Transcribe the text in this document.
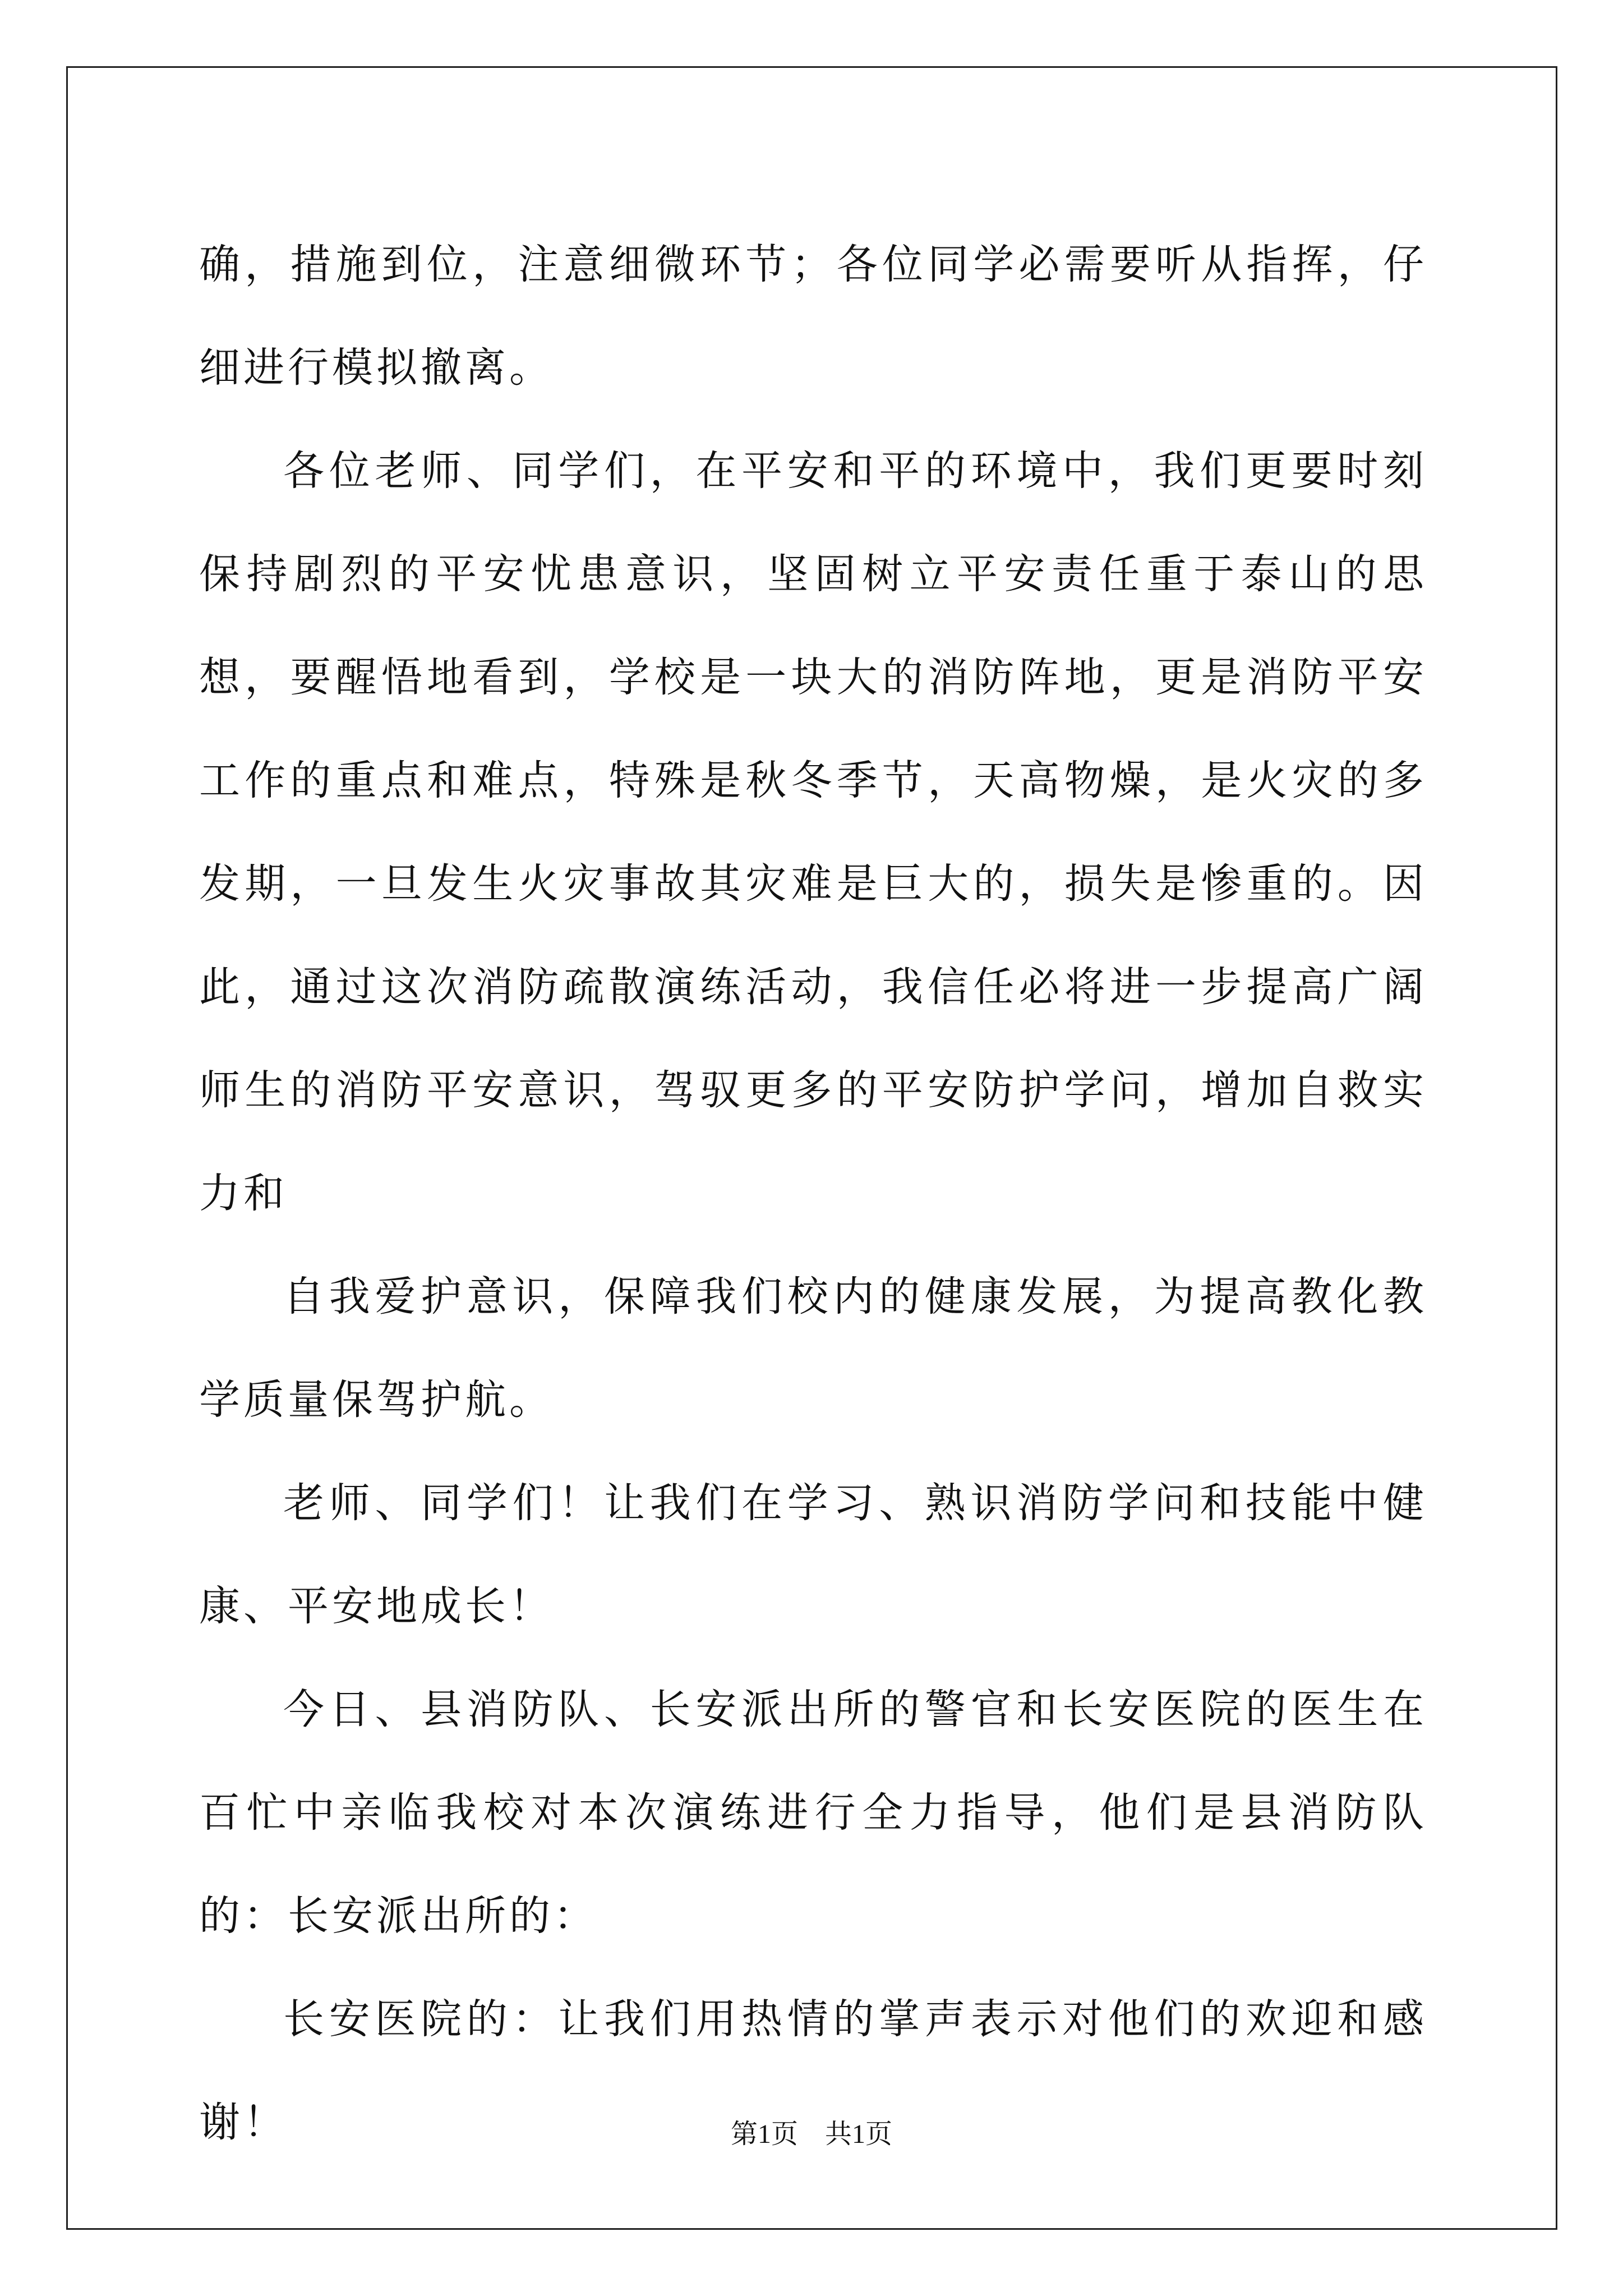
确，措施到位，注意细微环节；各位同学必需要听从指挥，仔细进行模拟撤离。

各位老师、同学们，在平安和平的环境中，我们更要时刻保持剧烈的平安忧患意识，坚固树立平安责任重于泰山的思想，要醒悟地看到，学校是一块大的消防阵地，更是消防平安工作的重点和难点，特殊是秋冬季节，天高物燥，是火灾的多发期，一旦发生火灾事故其灾难是巨大的，损失是惨重的。因此，通过这次消防疏散演练活动，我信任必将进一步提高广阔师生的消防平安意识，驾驭更多的平安防护学问，增加自救实力和

自我爱护意识，保障我们校内的健康发展，为提高教化教学质量保驾护航。

老师、同学们！让我们在学习、熟识消防学问和技能中健康、平安地成长！

今日、县消防队、长安派出所的警官和长安医院的医生在百忙中亲临我校对本次演练进行全力指导，他们是县消防队的：长安派出所的：

长安医院的：让我们用热情的掌声表示对他们的欢迎和感谢！	第1页 共1页
